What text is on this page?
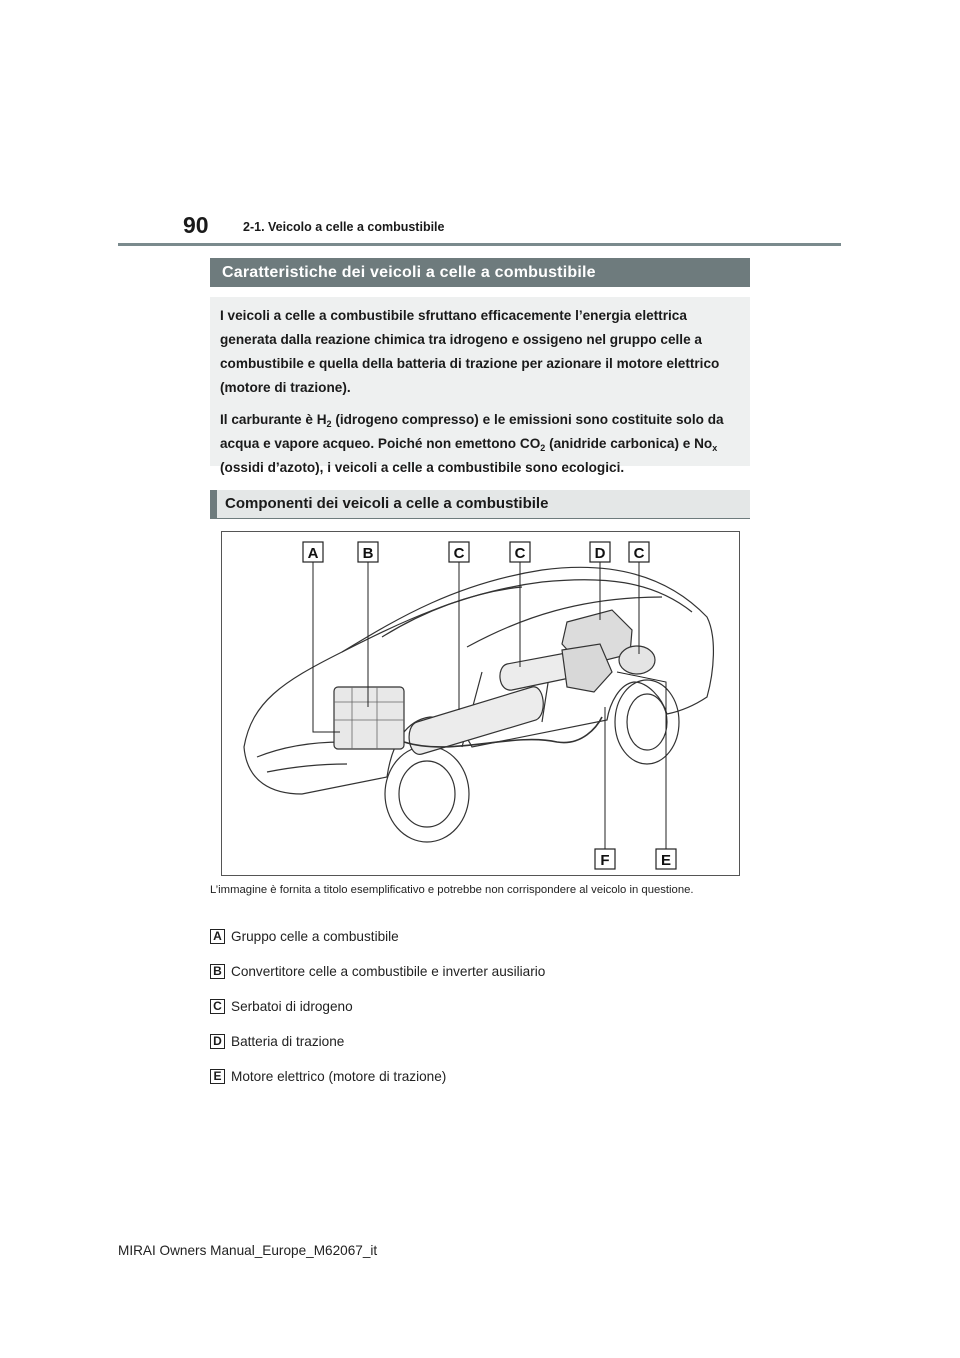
90	2-1. Veicolo a celle a combustibile
Caratteristiche dei veicoli a celle a combustibile

I veicoli a celle a combustibile sfruttano efficacemente l’energia elettrica generata dalla reazione chimica tra idrogeno e ossigeno nel gruppo celle a combustibile e quella della batteria di trazione per azionare il motore elettrico (motore di trazione).

Il carburante è $H_2$ (idrogeno compresso) e le emissioni sono costituite solo da acqua e vapore acqueo. Poiché non emettono $CO_2$ (anidride carbonica) e $No_x$ (ossidi d’azoto), i veicoli a celle a combustibile sono ecologici.

Componenti dei veicoli a celle a combustibile
A	B	C	C	D C
F	E
L’immagine è fornita a titolo esemplificativo e potrebbe non corrispondere al veicolo in questione.
A Gruppo celle a combustibile
B Convertitore celle a combustibile e inverter ausiliario
C Serbatoi di idrogeno
D Batteria di trazione
E Motore elettrico (motore di trazione)
MIRAI Owners Manual_Europe_M62067_it
